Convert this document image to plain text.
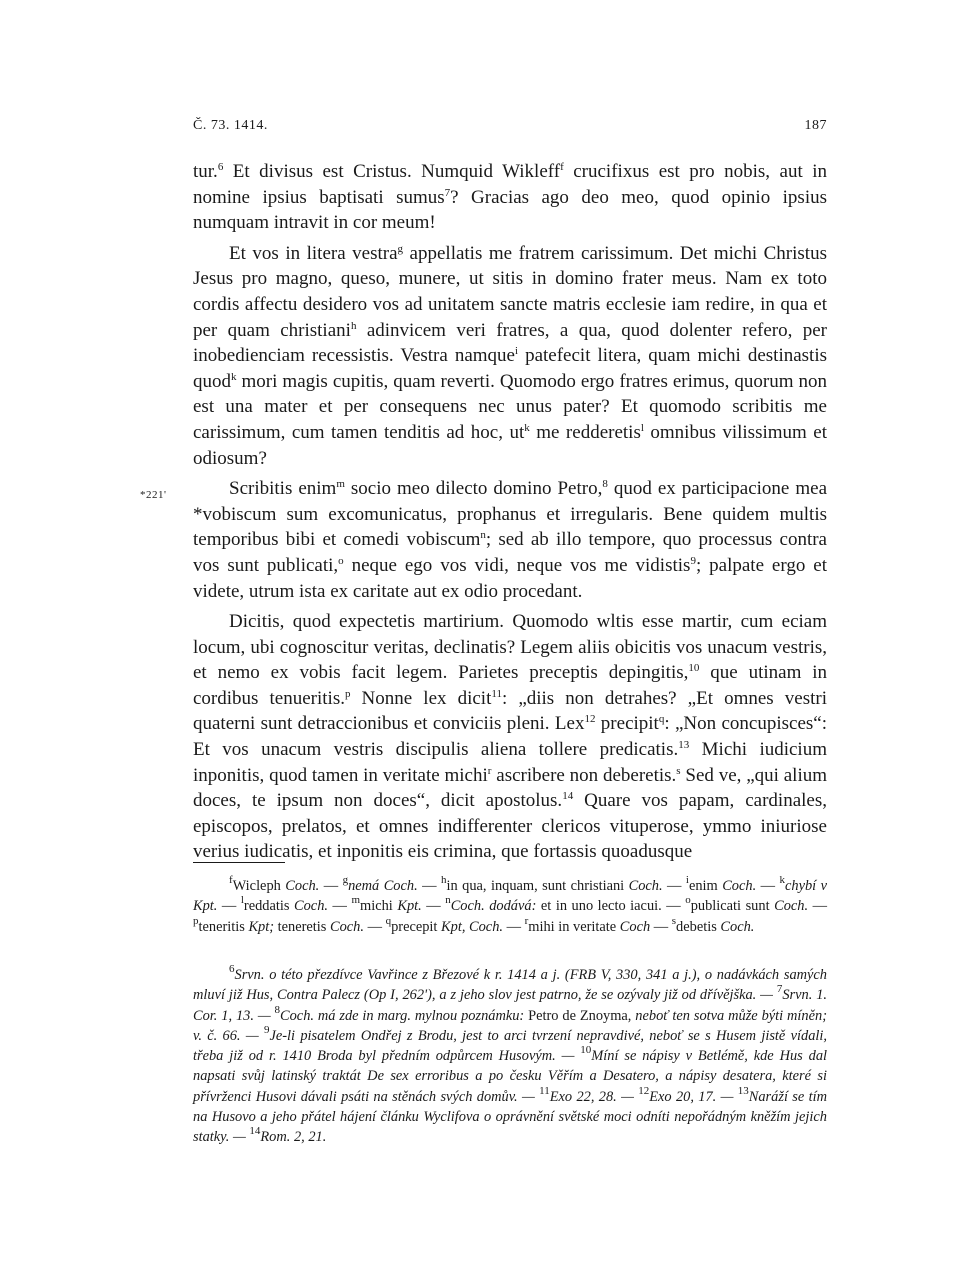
Č. 73. 1414.	187
*221'

tur.$^6$ Et divisus est Cristus. Numquid Wikleff$^f$ crucifixus est pro nobis, aut in nomine ipsius baptisati sumus$^7$? Gracias ago deo meo, quod opinio ipsius numquam intravit in cor meum!

Et vos in litera vestra$^g$ appellatis me fratrem carissimum. Det michi Christus Jesus pro magno, queso, munere, ut sitis in domino frater meus. Nam ex toto cordis affectu desidero vos ad unitatem sancte matris ecclesie iam redire, in qua et per quam christiani$^h$ adinvicem veri fratres, a qua, quod dolenter refero, per inobedienciam recessistis. Vestra namque$^i$ patefecit litera, quam michi destinastis quod$^k$ mori magis cupitis, quam reverti. Quomodo ergo fratres erimus, quorum non est una mater et per consequens nec unus pater? Et quomodo scribitis me carissimum, cum tamen tenditis ad hoc, $ut^k$ me redderetis$^l$ omnibus vilissimum et odiosum?

Scribitis enim$^m$ socio meo dilecto domino Petro,$^8$ quod ex participacione mea *vobiscum sum excomunicatus, prophanus et irregularis. Bene quidem multis temporibus bibi et comedi vobiscum$^n$; sed ab illo tempore, quo processus contra vos sunt publicati,$^o$ neque ego vos vidi, neque vos me vidistis$^9$; palpate ergo et videte, utrum ista ex caritate aut ex odio procedant.

Dicitis, quod expectetis martirium. Quomodo wltis esse martir, cum eciam locum, ubi cognoscitur veritas, declinatis? Legem aliis obicitis vos unacum vestris, et nemo ex vobis facit legem. Parietes preceptis depingitis,$^{10}$ que utinam in cordibus tenueritis.$^p$ Nonne lex dicit$^{11}$: „diis non detrahes? „Et omnes vestri quaterni sunt detraccionibus et conviciis pleni. Lex$^{12}$ precipit$^q$: „Non concupisces“: Et vos unacum vestris discipulis aliena tollere predicatis.$^{13}$ Michi iudicium inponitis, quod tamen in veritate michi$^r$ ascribere non deberetis.$^s$ Sed ve, „qui alium doces, te ipsum non doces“, dicit apostolus.$^{14}$ Quare vos papam, cardinales, episcopos, prelatos, et omnes indifferenter clericos vituperose, ymmo iniuriose verius iudicatis, et inponitis eis crimina, que fortassis quoadusque

$^f$Wicleph Coch. — $^g$nemá Coch. — $^h$in qua, inquam, sunt christiani Coch. — $^i$enim Coch. — $^k$chybí v Kpt. — $^l$reddatis Coch. — $^m$michi Kpt. — $^n$Coch. dodává: et in uno lecto iacui. — $^o$publicati sunt Coch. — $^p$teneritis Kpt; teneretis Coch. — $^q$precepit Kpt, Coch. — $^r$mihi in veritate Coch — $^s$debetis Coch.

$^6$Srvn. o této přezdívce Vavřince z Březové k r. 1414 a j. (FRB V, 330, 341 a j.), o nadávkách samých mluví již Hus, Contra Palecz (Op I, 262'), a z jeho slov jest patrno, že se ozývaly již od dřívějška. — $^7$Srvn. 1. Cor. 1, 13. — $^8$Coch. má zde in marg. mylnou poznámku: Petro de Znoyma, neboť ten sotva může býti míněn; v. č. 66. — $^9$Je-li pisatelem Ondřej z Brodu, jest to arci tvrzení nepravdivé, neboť se s Husem jistě vídali, třeba již od r. 1410 Broda byl předním odpůrcem Husovým. — $^{10}$Míní se nápisy v Betlémě, kde Hus dal napsati svůj latinský traktát De sex erroribus a po česku Věřím a Desatero, a nápisy desatera, které si přívrženci Husovi dávali psáti na stěnách svých domův. — $^{11}$Exo 22, 28. — $^{12}$Exo 20, 17. — $^{13}$Naráží se tím na Husovo a jeho přátel hájení článku Wyclifova o oprávnění světské moci odníti nepořádným kněžím jejich statky. — $^{14}$Rom. 2, 21.
